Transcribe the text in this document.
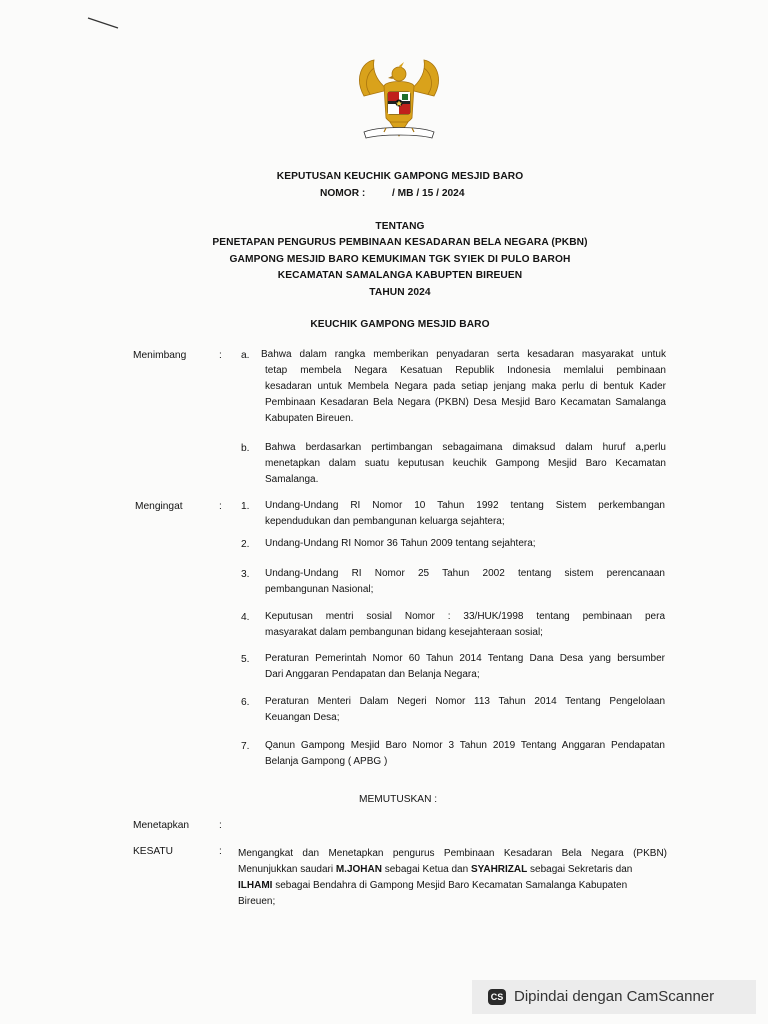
KEPUTUSAN KEUCHIK GAMPONG MESJID BARO
NOMOR :	/ MB / 15 / 2024
TENTANG
PENETAPAN PENGURUS PEMBINAAN KESADARAN BELA NEGARA (PKBN)
GAMPONG MESJID BARO KEMUKIMAN TGK SYIEK DI PULO BAROH
KECAMATAN SAMALANGA KABUPTEN BIREUEN
TAHUN 2024
KEUCHIK GAMPONG MESJID BARO
Menimbang	: a. Bahwa dalam rangka memberikan penyadaran serta kesadaran masyarakat untuk
tetap membela Negara Kesatuan Republik Indonesia memlalui pembinaan
kesadaran untuk Membela Negara pada setiap jenjang maka perlu di bentuk Kader
Pembinaan Kesadaran Bela Negara (PKBN) Desa Mesjid Baro Kecamatan Samalanga
Kabupaten Bireuen.
b. Bahwa berdasarkan pertimbangan sebagaimana dimaksud dalam huruf a,perlu
menetapkan dalam suatu keputusan keuchik Gampong Mesjid Baro Kecamatan
Samalanga.
Mengingat	: 1. Undang-Undang RI Nomor 10 Tahun 1992 tentang Sistem perkembangan
kependudukan dan pembangunan keluarga sejahtera;
2. Undang-Undang RI Nomor 36 Tahun 2009 tentang sejahtera;
3. Undang-Undang RI Nomor 25 Tahun 2002 tentang sistem perencanaan
pembangunan Nasional;
4. Keputusan mentri sosial Nomor : 33/HUK/1998 tentang pembinaan pera
masyarakat dalam pembangunan bidang kesejahteraan sosial;
5. Peraturan Pemerintah Nomor 60 Tahun 2014 Tentang Dana Desa yang bersumber
Dari Anggaran Pendapatan dan Belanja Negara;
6. Peraturan Menteri Dalam Negeri Nomor 113 Tahun 2014 Tentang Pengelolaan
Keuangan Desa;
7. Qanun Gampong Mesjid Baro Nomor 3 Tahun 2019 Tentang Anggaran Pendapatan
Belanja Gampong ( APBG )
MEMUTUSKAN :
Menetapkan	:
KESATU	: Mengangkat dan Menetapkan pengurus Pembinaan Kesadaran Bela Negara (PKBN)
Menunjukkan saudari M.JOHAN sebagai Ketua dan SYAHRIZAL sebagai Sekretaris dan
ILHAMI sebagai Bendahra di Gampong Mesjid Baro Kecamatan Samalanga Kabupaten
Bireuen;
CS Dipindai dengan CamScanner
